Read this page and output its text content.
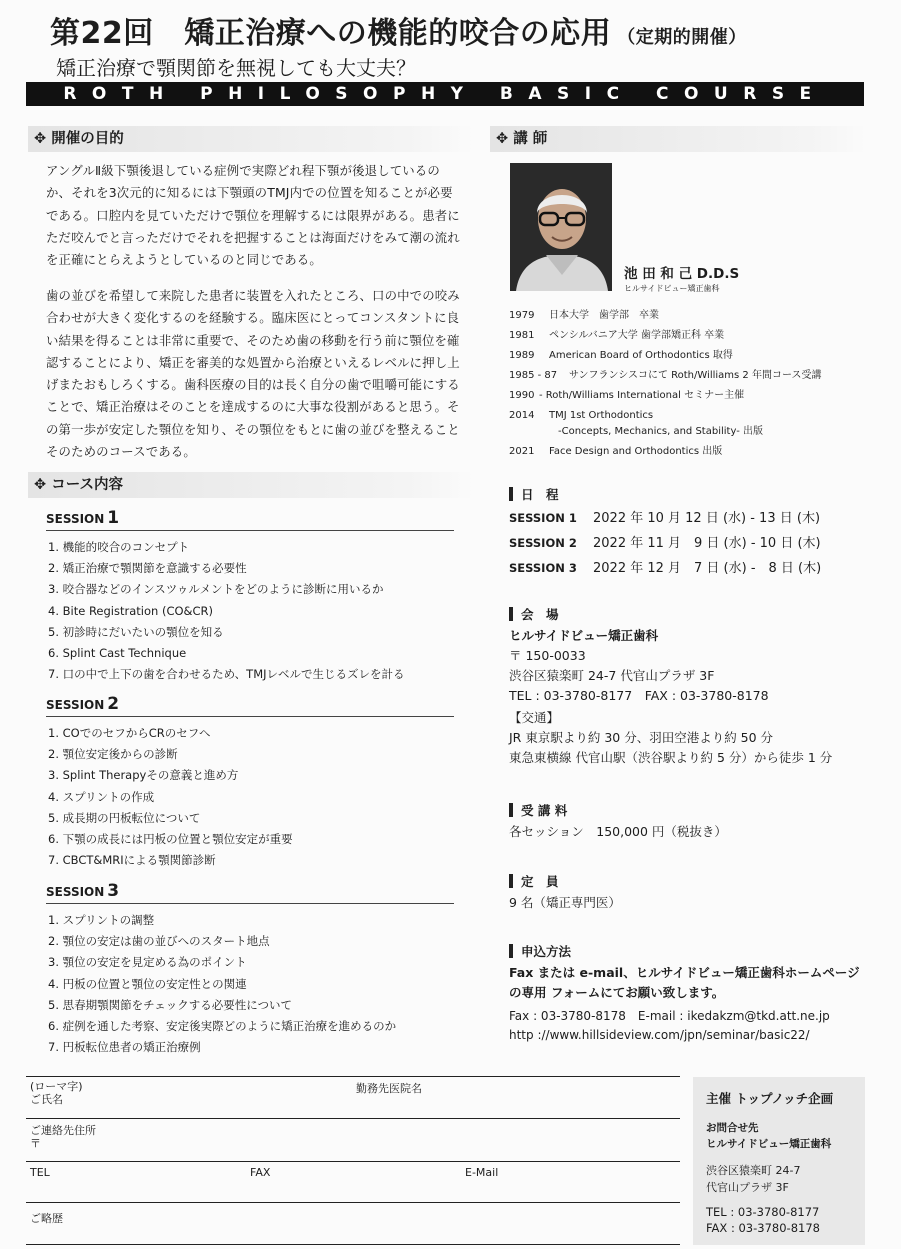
第22回　矯正治療への機能的咬合の応用 （定期的開催）
矯正治療で顎関節を無視しても大丈夫？
ROTH PHILOSOPHY BASIC COURSE
✥ 開催の目的
アングルⅡ級下顎後退している症例で実際どれ程下顎が後退しているのか、それを3次元的に知るには下顎頭のTMJ内での位置を知ることが必要である。口腔内を見ていただけで顎位を理解するには限界がある。患者にただ咬んでと言っただけでそれを把握することは海面だけをみて潮の流れを正確にとらえようとしているのと同じである。
歯の並びを希望して来院した患者に装置を入れたところ、口の中での咬み合わせが大きく変化するのを経験する。臨床医にとってコンスタントに良い結果を得ることは非常に重要で、そのため歯の移動を行う前に顎位を確認することにより、矯正を審美的な処置から治療といえるレベルに押し上げまたおもしろくする。歯科医療の目的は長く自分の歯で咀嚼可能にすることで、矯正治療はそのことを達成するのに大事な役割があると思う。その第一歩が安定した顎位を知り、その顎位をもとに歯の並びを整えることそのためのコースである。
✥ コース内容
SESSION 1
1. 機能的咬合のコンセプト
2. 矯正治療で顎関節を意識する必要性
3. 咬合器などのインスツゥルメントをどのように診断に用いるか
4. Bite Registration (CO&CR)
5. 初診時にだいたいの顎位を知る
6. Splint Cast Technique
7. 口の中で上下の歯を合わせるため、TMJレベルで生じるズレを計る
SESSION 2
1. COでのセフからCRのセフへ
2. 顎位安定後からの診断
3. Splint Therapyその意義と進め方
4. スプリントの作成
5. 成長期の円板転位について
6. 下顎の成長には円板の位置と顎位安定が重要
7. CBCT&MRIによる顎関節診断
SESSION 3
1. スプリントの調整
2. 顎位の安定は歯の並びへのスタート地点
3. 顎位の安定を見定める為のポイント
4. 円板の位置と顎位の安定性との関連
5. 思春期顎関節をチェックする必要性について
6. 症例を通した考察、安定後実際どのように矯正治療を進めるのか
7. 円板転位患者の矯正治療例
✥ 講 師
池 田 和 己 D.D.S
ヒルサイドビュー矯正歯科
1979	日本大学　歯学部　卒業
1981	ペンシルバニア大学 歯学部矯正科 卒業
1989	American Board of Orthodontics 取得
1985 - 87	サンフランシスコにて Roth/Williams 2 年間コース受講
1990 - Roth/Williams International セミナー主催
2014	TMJ 1st Orthodontics
-Concepts, Mechanics, and Stability- 出版
2021	Face Design and Orthodontics 出版
日　程
SESSION 1 2022 年 10 月 12 日 (水) - 13 日 (木)
SESSION 2 2022 年 11 月　9 日 (水) - 10 日 (木)
SESSION 3 2022 年 12 月　7 日 (水) -　8 日 (木)
会　場
ヒルサイドビュー矯正歯科
〒 150-0033
渋谷区猿楽町 24-7 代官山プラザ 3F
TEL : 03-3780-8177　FAX : 03-3780-8178
【交通】
JR 東京駅より約 30 分、羽田空港より約 50 分
東急東横線 代官山駅（渋谷駅より約 5 分）から徒歩 1 分
受 講 料
各セッション　150,000 円（税抜き）
定　員
9 名（矯正専門医）
申込方法
Fax または e-mail、ヒルサイドビュー矯正歯科ホームページの専用 フォームにてお願い致します。
Fax : 03-3780-8178　E-mail : ikedakzm@tkd.att.ne.jp
http ://www.hillsideview.com/jpn/seminar/basic22/
(ローマ字)
ご氏名
勤務先医院名
ご連絡先住所
〒
TEL	FAX	E-Mail
ご略歴
主催 トップノッチ企画
お問合せ先
ヒルサイドビュー矯正歯科
渋谷区猿楽町 24-7
代官山プラザ 3F
TEL : 03-3780-8177
FAX : 03-3780-8178
